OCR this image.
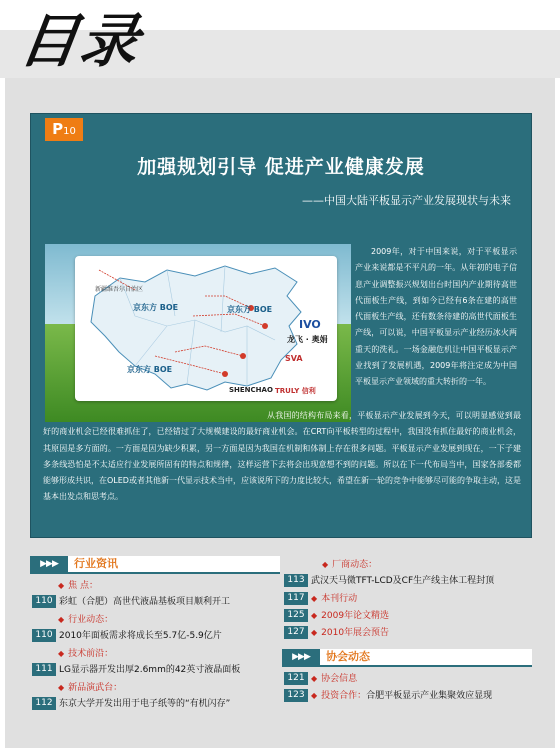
目录
P10
加强规划引导 促进产业健康发展
——中国大陆平板显示产业发展现状与未来
新疆维吾尔自治区
京东方 BOE	京东方 BOE
京东方 BOE
IVO
龙飞 · 奥娟
SVA
SHENCHAO TRULY 信利
2009年，对于中国来说，对于平板显示产业来说都是不平凡的一年。从年初的电子信息产业调整振兴规划出台时国内产业期待高世代面板生产线，到如今已经有6条在建的高世代面板生产线，还有数条待建的高世代面板生产线，可以说，中国平板显示产业经历冰火两重天的洗礼。一场金融危机让中国平板显示产业找到了发展机遇，2009年将注定成为中国平板显示产业领域的重大转折的一年。
从我国的结构布局来看，平板显示产业发展到今天，可以明显感觉到最好的商业机会已经很难抓住了，已经错过了大规模建设的最好商业机会。在CRT向平板转型的过程中，我国没有抓住最好的商业机会，其原因是多方面的。一方面是因为缺少积累，另一方面是因为我国在机制和体制上存在很多问题。平板显示产业发展到现在，一下子建多条线恐怕是不太适应行业发展所固有的特点和规律，这样运营下去将会出现意想不到的问题。所以在下一代布局当中，国家各部委都能够形成共识，在OLED或者其他新一代显示技术当中，应该说所下的力度比较大，希望在新一轮的竞争中能够尽可能的争取主动，这是基本出发点和思考点。
▶▶▶	行业资讯
◆ 焦 点：
110 彩虹（合肥）高世代液晶基板项目顺利开工
◆ 行业动态：
110 2010年面板需求将成长至5.7亿-5.9亿片
◆ 技术前沿：
111 LG显示器开发出厚2.6mm的42英寸液晶面板
◆ 新品演武台：
112 东京大学开发出用于电子纸等的“有机闪存”
◆ 厂商动态：
113 武汉天马微TFT-LCD及CF生产线主体工程封顶
117 ◆ 本刊行动
125 ◆ 2009年论文精选
127 ◆ 2010年展会预告
▶▶▶	协会动态
121 ◆ 协会信息
123 ◆ 投资合作：合肥平板显示产业集聚效应显现
